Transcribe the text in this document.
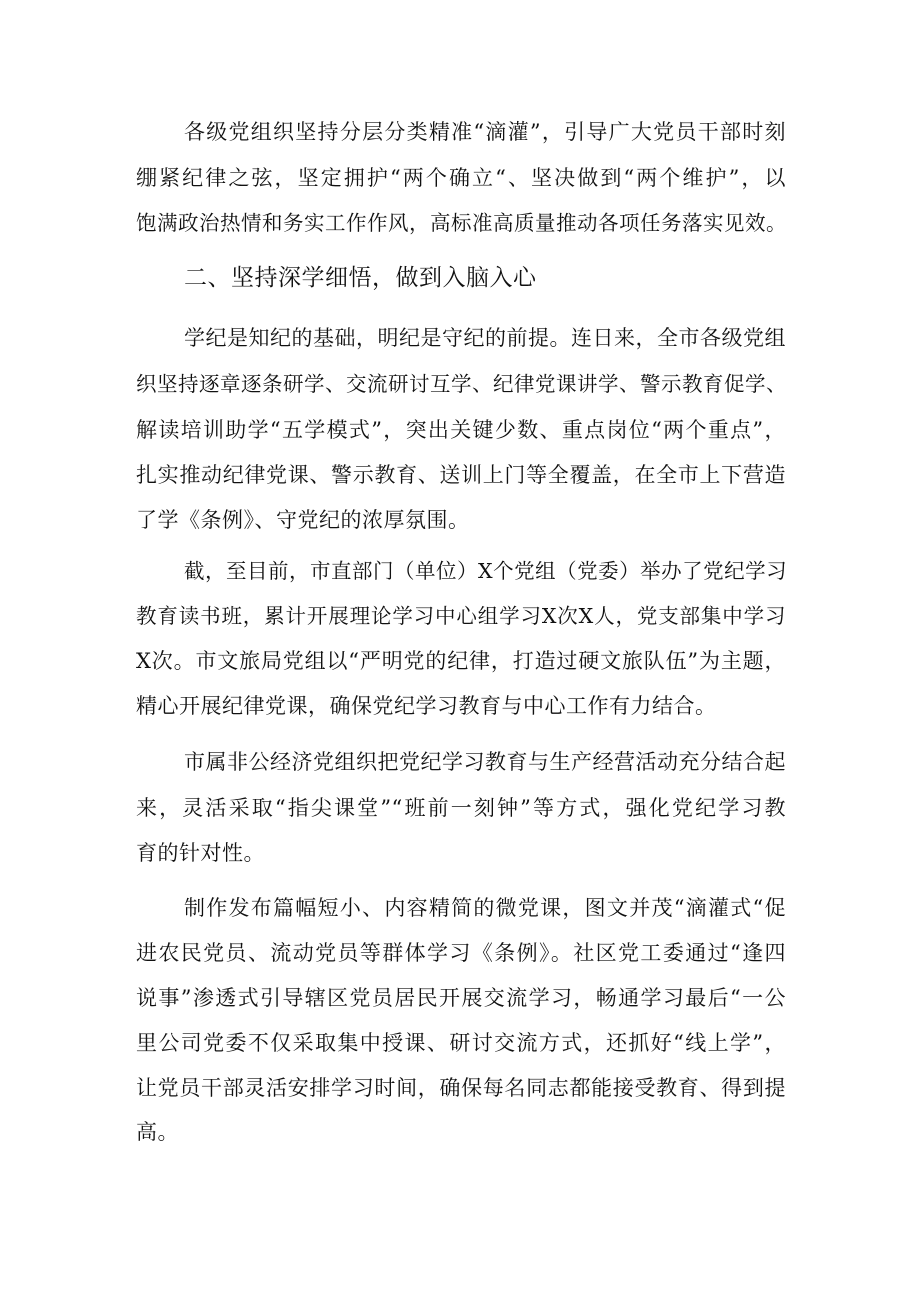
各级党组织坚持分层分类精准“滴灌”，引导广大党员干部时刻
绷紧纪律之弦，坚定拥护“两个确立“、坚决做到“两个维护”，以
饱满政治热情和务实工作作风，高标准高质量推动各项任务落实见效。
二、坚持深学细悟，做到入脑入心
学纪是知纪的基础，明纪是守纪的前提。连日来，全市各级党组
织坚持逐章逐条研学、交流研讨互学、纪律党课讲学、警示教育促学、
解读培训助学“五学模式”，突出关键少数、重点岗位“两个重点”，
扎实推动纪律党课、警示教育、送训上门等全覆盖，在全市上下营造
了学《条例》、守党纪的浓厚氛围。
截，至目前，市直部门（单位）X个党组（党委）举办了党纪学习
教育读书班，累计开展理论学习中心组学习X次X人，党支部集中学习
X次。市文旅局党组以“严明党的纪律，打造过硬文旅队伍”为主题，
精心开展纪律党课，确保党纪学习教育与中心工作有力结合。
市属非公经济党组织把党纪学习教育与生产经营活动充分结合起
来，灵活采取“指尖课堂”“班前一刻钟”等方式，强化党纪学习教
育的针对性。
制作发布篇幅短小、内容精简的微党课，图文并茂“滴灌式“促
进农民党员、流动党员等群体学习《条例》。社区党工委通过“逢四
说事”渗透式引导辖区党员居民开展交流学习，畅通学习最后“一公
里公司党委不仅采取集中授课、研讨交流方式，还抓好“线上学”，
让党员干部灵活安排学习时间，确保每名同志都能接受教育、得到提
高。
